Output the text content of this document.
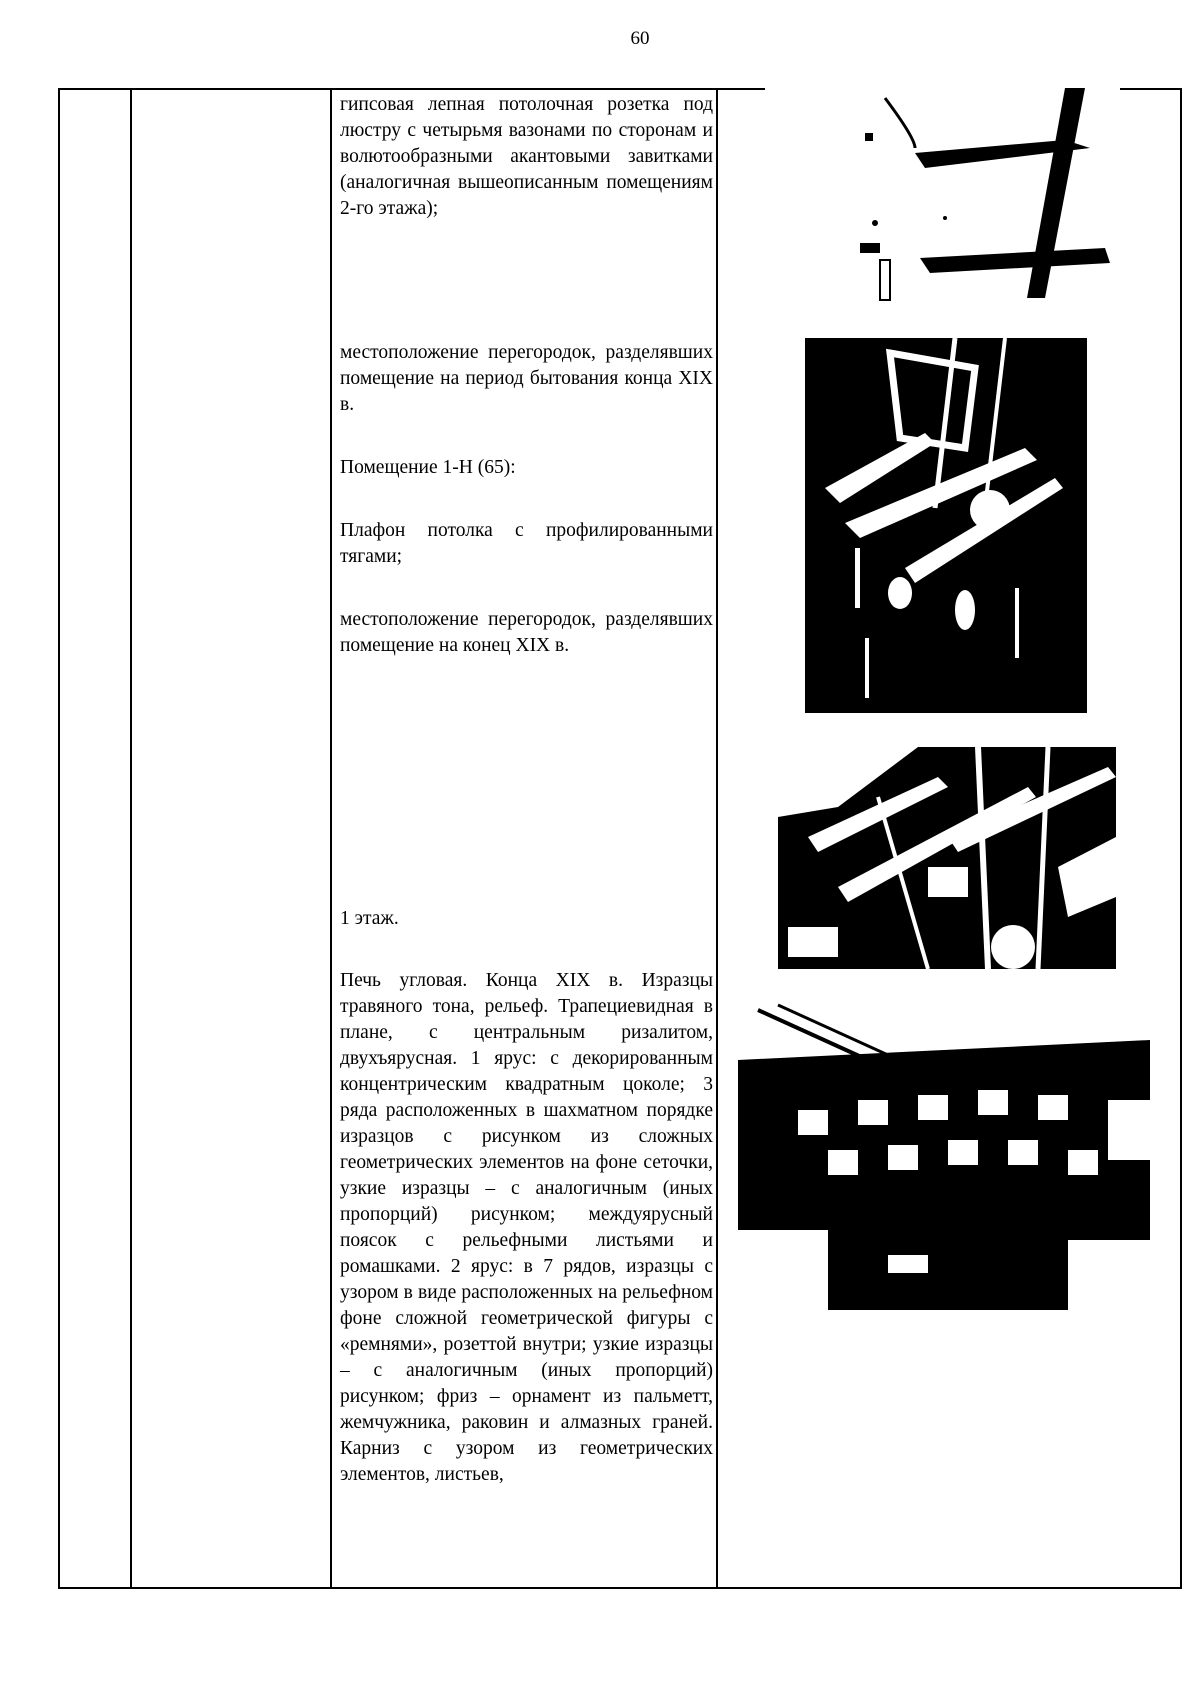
60
гипсовая лепная потолочная розетка под люстру с четырьмя вазонами по сторонам и волютообразными акантовыми завитками (аналогичная вышеописанным помещениям 2-го этажа);
местоположение перегородок, разделявших помещение на период бытования конца XIX в.
Помещение 1-Н (65):
Плафон потолка с профилированными тягами;
местоположение перегородок, разделявших помещение на конец XIX в.
1 этаж.
Печь угловая. Конца XIX в. Изразцы травяного тона, рельеф. Трапециевидная в плане, с центральным ризалитом, двухъярусная. 1 ярус: с декорированным концентрическим квадратным цоколе; 3 ряда расположенных в шахматном порядке изразцов с рисунком из сложных геометрических элементов на фоне сеточки, узкие изразцы – с аналогичным (иных пропорций) рисунком; междуярусный поясок с рельефными листьями и ромашками. 2 ярус: в 7 рядов, изразцы с узором в виде расположенных на рельефном фоне сложной геометрической фигуры с «ремнями», розеттой внутри; узкие изразцы – с аналогичным (иных пропорций) рисунком; фриз – орнамент из пальметт, жемчужника, раковин и алмазных граней. Карниз с узором из геометрических элементов, листьев,
